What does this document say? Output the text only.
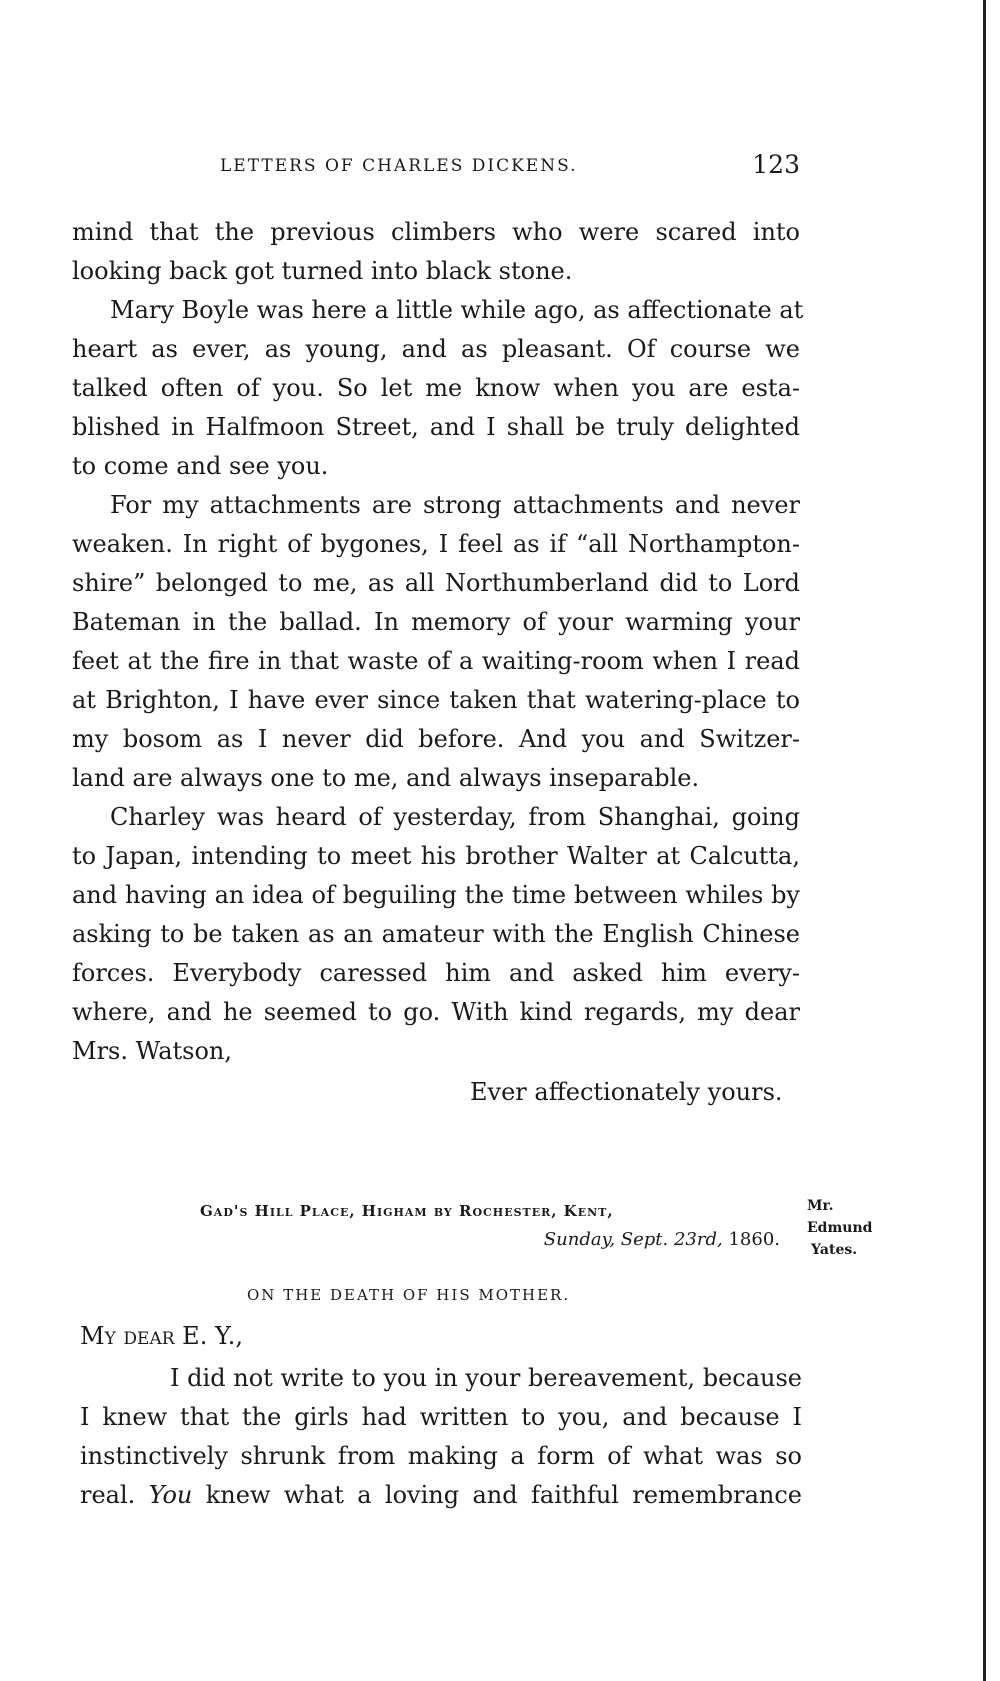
LETTERS OF CHARLES DICKENS.	123
mind that the previous climbers who were scared into
looking back got turned into black stone.
Mary Boyle was here a little while ago, as affectionate at
heart as ever, as young, and as pleasant. Of course we
talked often of you. So let me know when you are esta-
blished in Halfmoon Street, and I shall be truly delighted
to come and see you.
For my attachments are strong attachments and never
weaken. In right of bygones, I feel as if “all Northampton-
shire” belonged to me, as all Northumberland did to Lord
Bateman in the ballad. In memory of your warming your
feet at the fire in that waste of a waiting-room when I read
at Brighton, I have ever since taken that watering-place to
my bosom as I never did before. And you and Switzer-
land are always one to me, and always inseparable.
Charley was heard of yesterday, from Shanghai, going
to Japan, intending to meet his brother Walter at Calcutta,
and having an idea of beguiling the time between whiles by
asking to be taken as an amateur with the English Chinese
forces. Everybody caressed him and asked him every-
where, and he seemed to go. With kind regards, my dear
Mrs. Watson,
Ever affectionately yours.
Gad's Hill Place, Higham by Rochester, Kent,
Sunday, Sept. 23rd, 1860.
Mr.
Edmund
Yates.
ON THE DEATH OF HIS MOTHER.
My dear E. Y.,
I did not write to you in your bereavement, because
I knew that the girls had written to you, and because I
instinctively shrunk from making a form of what was so
real. You knew what a loving and faithful remembrance
